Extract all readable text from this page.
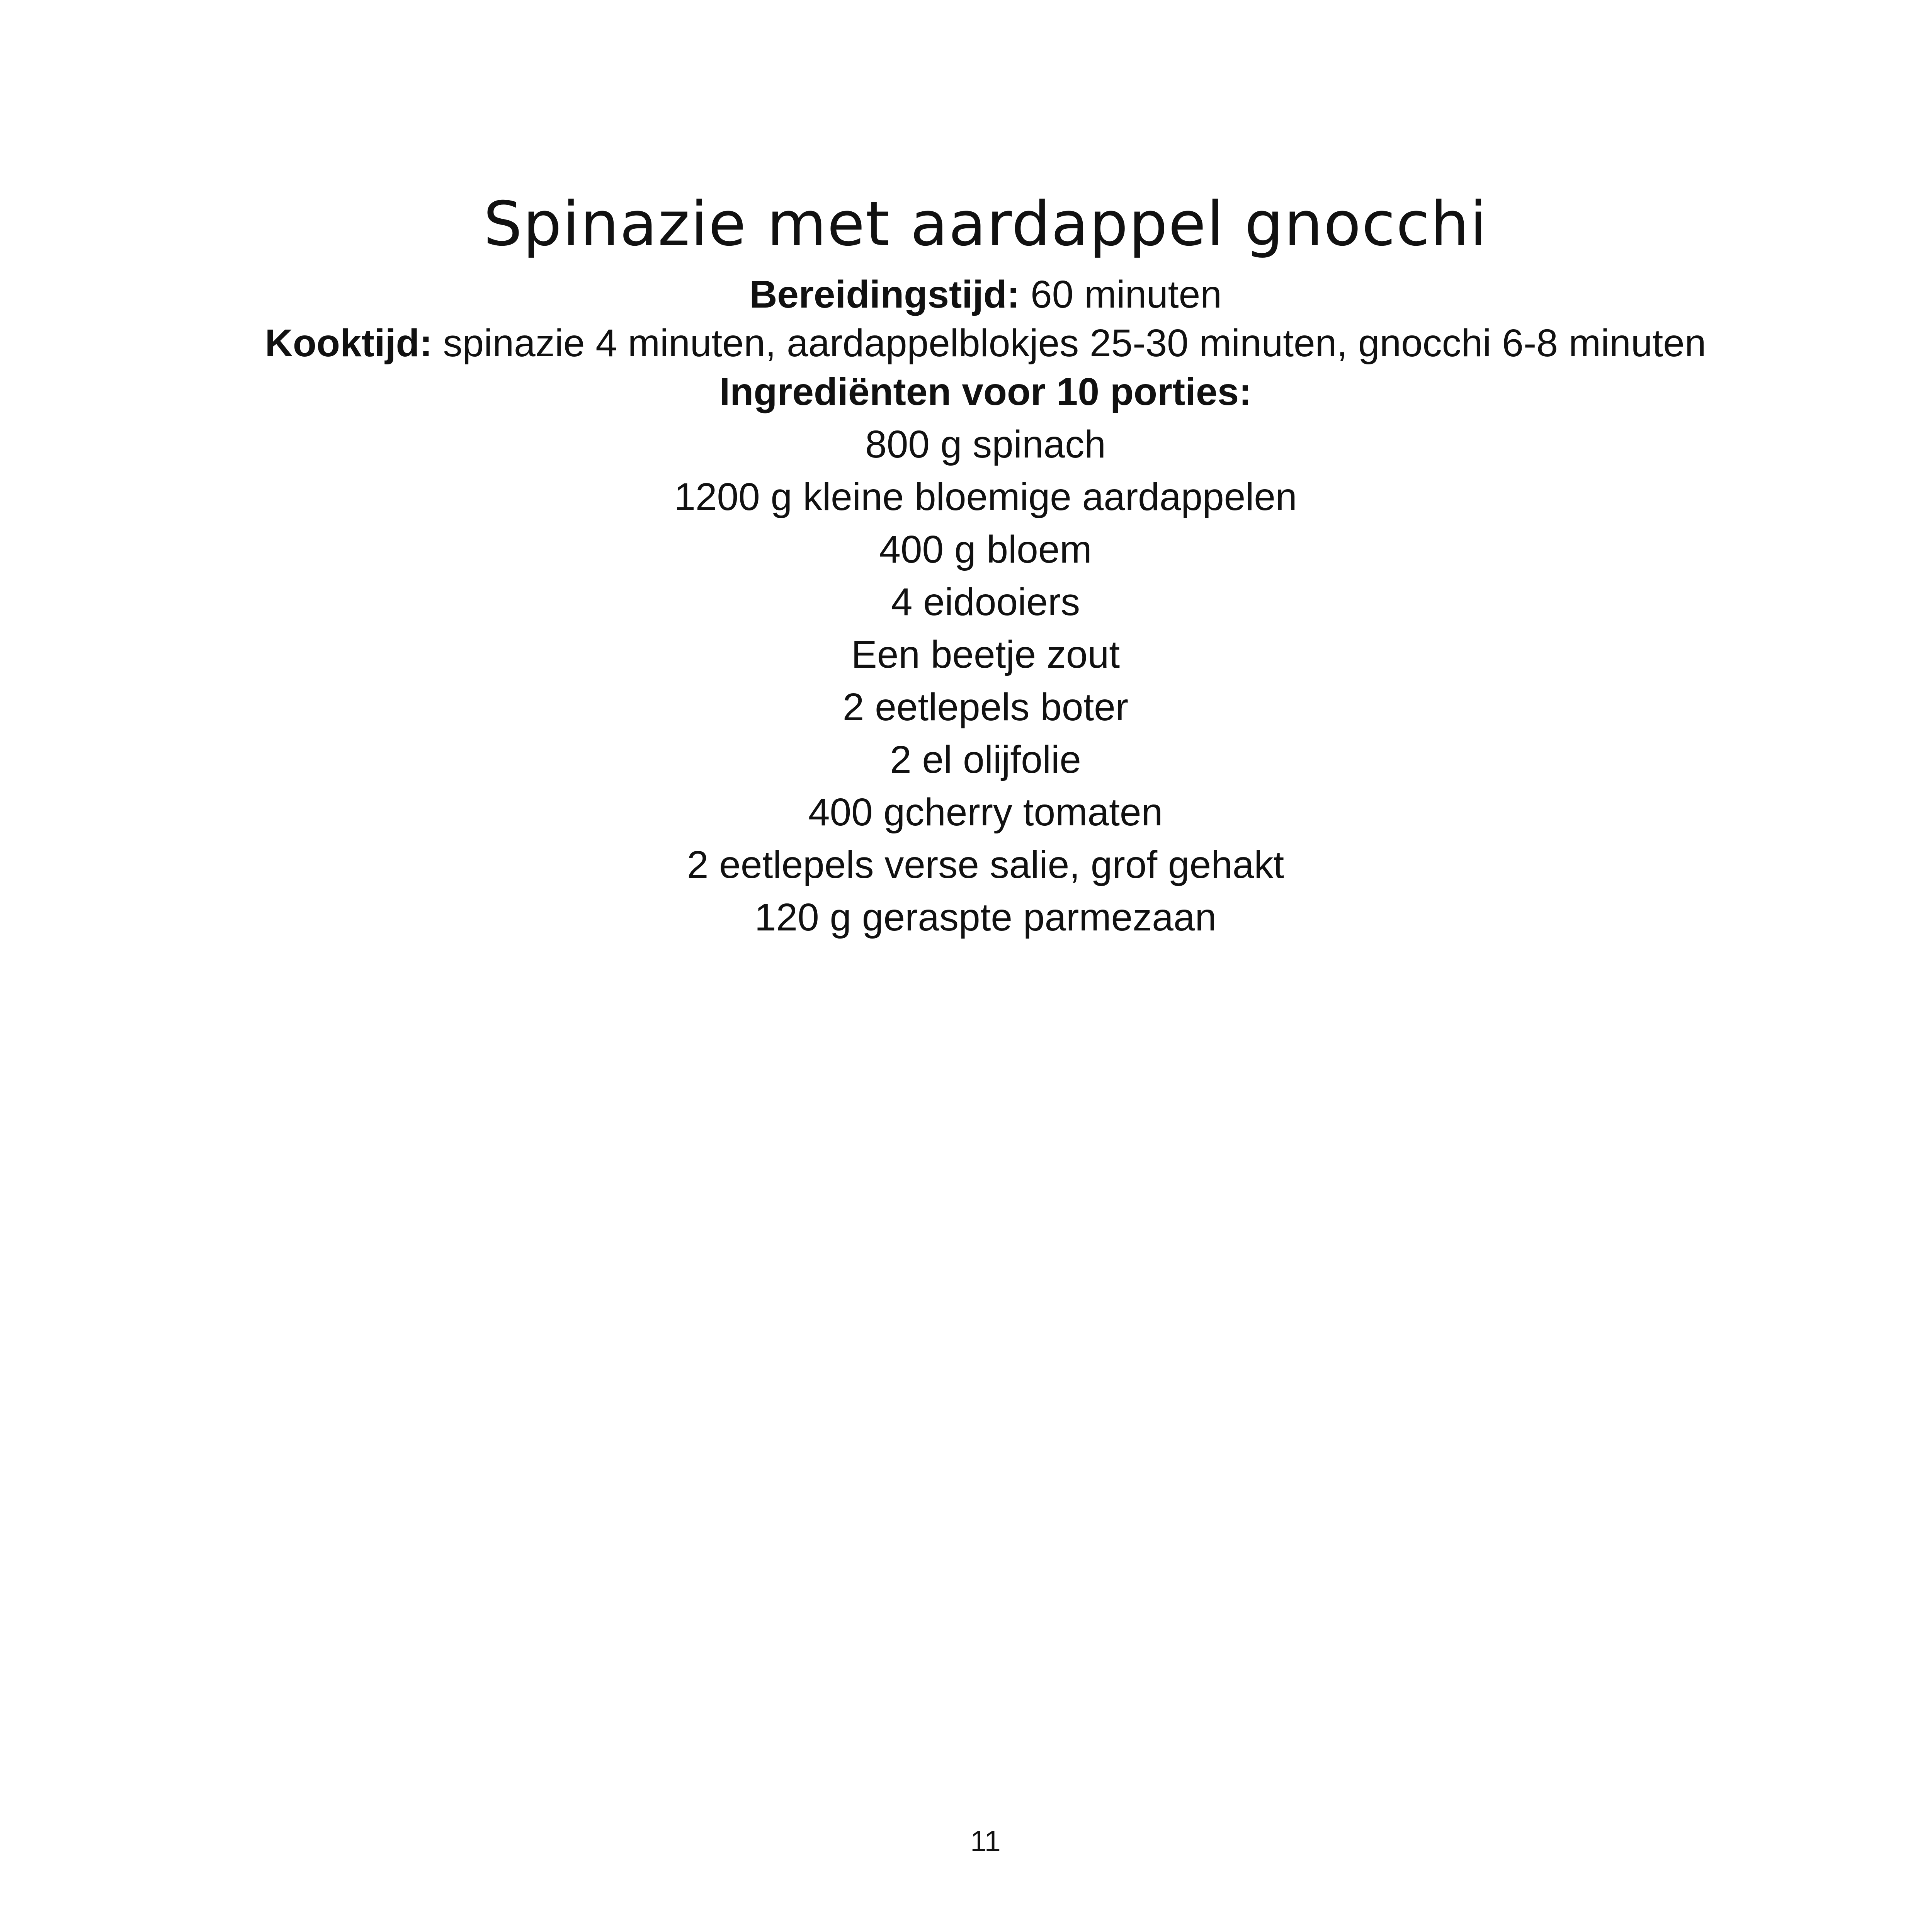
Spinazie met aardappel gnocchi
Bereidingstijd: 60 minuten
Kooktijd: spinazie 4 minuten, aardappelblokjes 25-30 minuten, gnocchi 6-8 minuten
Ingrediënten voor 10 porties:
800 g spinach
1200 g kleine bloemige aardappelen
400 g bloem
4 eidooiers
Een beetje zout
2 eetlepels boter
2 el olijfolie
400 gcherry tomaten
2 eetlepels verse salie, grof gehakt
120 g geraspte parmezaan
11
